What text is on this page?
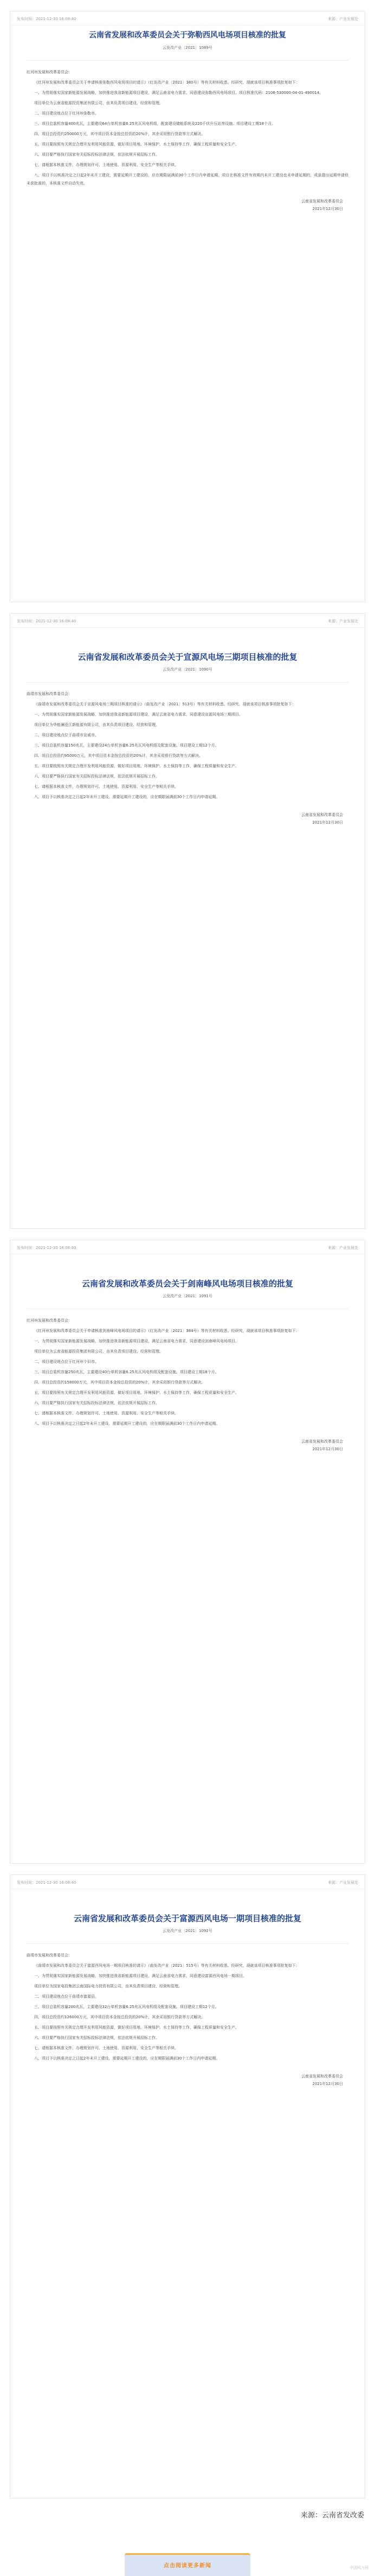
发布时间：2021-12-30 16:08:40	来源：产业发展处
云南省发展和改革委员会关于弥勒西风电场项目核准的批复
云发改产业〔2021〕1089号
红河州发展和改革委员会：
《红河州发展和改革委员会关于申请核准弥勒西风电场项目的请示》（红发改产业〔2021〕380号）等有关材料收悉。经研究，现就该项目核准事项批复如下：
一、为贯彻落实国家新能源发展战略，加快推进我省新能源项目建设，满足云南省电力需求，同意建设弥勒西风电场项目。项目核准代码：2108-530000-04-01-490014。
项目单位为云南省能源投资集团有限公司，由其负责项目建设、经营和管理。
二、项目建设地点位于红河州弥勒市。
三、项目总装机容量400兆瓦，主要建设64台单机容量6.25兆瓦风电机组，配套建设储能系统及220千伏升压站等设施。项目建设工期18个月。
四、项目总投资约250000万元，其中项目资本金按总投资的20%计，其余采用银行贷款等方式解决。
五、项目要按照有关规定合理开发利用风能资源，做好项目用地、环境保护、水土保持等工作，确保工程质量和安全生产。
六、项目要严格执行国家有关招标投标法律法规，依法依规开展招标工作。
七、请根据本核准文件，办理规划许可、土地使用、资源利用、安全生产等相关手续。
八、项目予以核准决定之日起2年未开工建设，需要延期开工建设的，应在期限届满前30个工作日内申请延期。项目在核准文件有效期内未开工建设也未申请延期的，或虽提出延期申请但未获批准的，本核准文件自动失效。
云南省发展和改革委员会
2021年12月30日
发布时间：2021-12-30 16:08:40	来源：产业发展处
云南省发展和改革委员会关于宣源风电场三期项目核准的批复
云发改产业〔2021〕1090号
曲靖市发展和改革委员会：
《曲靖市发展和改革委员会关于宣源风电场三期项目核准的请示》（曲发改产业〔2021〕513号）等有关材料收悉。经研究，现就该项目核准事项批复如下：
一、为贯彻落实国家新能源发展战略，加快推进我省新能源项目建设，满足云南省电力需求，同意建设宣源风电场三期项目。
项目单位为华能澜沧江新能源有限公司，由其负责项目建设、经营和管理。
二、项目建设地点位于曲靖市宣威市。
三、项目总装机容量150兆瓦，主要建设24台单机容量6.25兆瓦风电机组及配套设施。项目建设工期12个月。
四、项目总投资约95000万元，其中项目资本金按总投资的20%计，其余采用银行贷款等方式解决。
五、项目要按照有关规定合理开发利用风能资源，做好项目用地、环境保护、水土保持等工作，确保工程质量和安全生产。
六、项目要严格执行国家有关招标投标法律法规，依法依规开展招标工作。
七、请根据本核准文件，办理规划许可、土地使用、资源利用、安全生产等相关手续。
八、项目予以核准决定之日起2年未开工建设，需要延期开工建设的，应在期限届满前30个工作日内申请延期。
云南省发展和改革委员会
2021年12月30日
发布时间：2021-12-30 16:08:40	来源：产业发展处
云南省发展和改革委员会关于剑南峰风电场项目核准的批复
云发改产业〔2021〕1091号
红河州发展和改革委员会：
《红河州发展和改革委员会关于申请核准剑南峰风电场项目的请示》（红发改产业〔2021〕384号）等有关材料收悉。经研究，现就该项目核准事项批复如下：
一、为贯彻落实国家新能源发展战略，加快推进我省新能源项目建设，满足云南省电力需求，同意建设剑南峰风电场项目。
项目单位为云南省能源投资集团有限公司，由其负责项目建设、经营和管理。
二、项目建设地点位于红河州个旧市。
三、项目总装机容量250兆瓦，主要建设40台单机容量6.25兆瓦风电机组及配套设施。项目建设工期18个月。
四、项目总投资约158000万元，其中项目资本金按总投资的20%计，其余采用银行贷款等方式解决。
五、项目要按照有关规定合理开发利用风能资源，做好项目用地、环境保护、水土保持等工作，确保工程质量和安全生产。
六、项目要严格执行国家有关招标投标法律法规，依法依规开展招标工作。
七、请根据本核准文件，办理规划许可、土地使用、资源利用、安全生产等相关手续。
八、项目予以核准决定之日起2年未开工建设，需要延期开工建设的，应在期限届满前30个工作日内申请延期。
云南省发展和改革委员会
2021年12月30日
发布时间：2021-12-30 16:08:40	来源：产业发展处
云南省发展和改革委员会关于富源西风电场一期项目核准的批复
云发改产业〔2021〕1092号
曲靖市发展和改革委员会：
《曲靖市发展和改革委员会关于富源西风电场一期项目核准的请示》（曲发改产业〔2021〕515号）等有关材料收悉。经研究，现就该项目核准事项批复如下：
一、为贯彻落实国家新能源发展战略，加快推进我省新能源项目建设，满足云南省电力需求，同意建设富源西风电场一期项目。
项目单位为国家电投集团云南国际电力投资有限公司，由其负责项目建设、经营和管理。
二、项目建设地点位于曲靖市富源县。
三、项目总装机容量200兆瓦，主要建设32台单机容量6.25兆瓦风电机组及配套设施。项目建设工期12个月。
四、项目总投资约126000万元，其中项目资本金按总投资的20%计，其余采用银行贷款等方式解决。
五、项目要按照有关规定合理开发利用风能资源，做好项目用地、环境保护、水土保持等工作，确保工程质量和安全生产。
六、项目要严格执行国家有关招标投标法律法规，依法依规开展招标工作。
七、请根据本核准文件，办理规划许可、土地使用、资源利用、安全生产等相关手续。
八、项目予以核准决定之日起2年未开工建设，需要延期开工建设的，应在期限届满前30个工作日内申请延期。
云南省发展和改革委员会
2021年12月30日
来源：云南省发改委
点击阅读更多新闻	中国风力网
